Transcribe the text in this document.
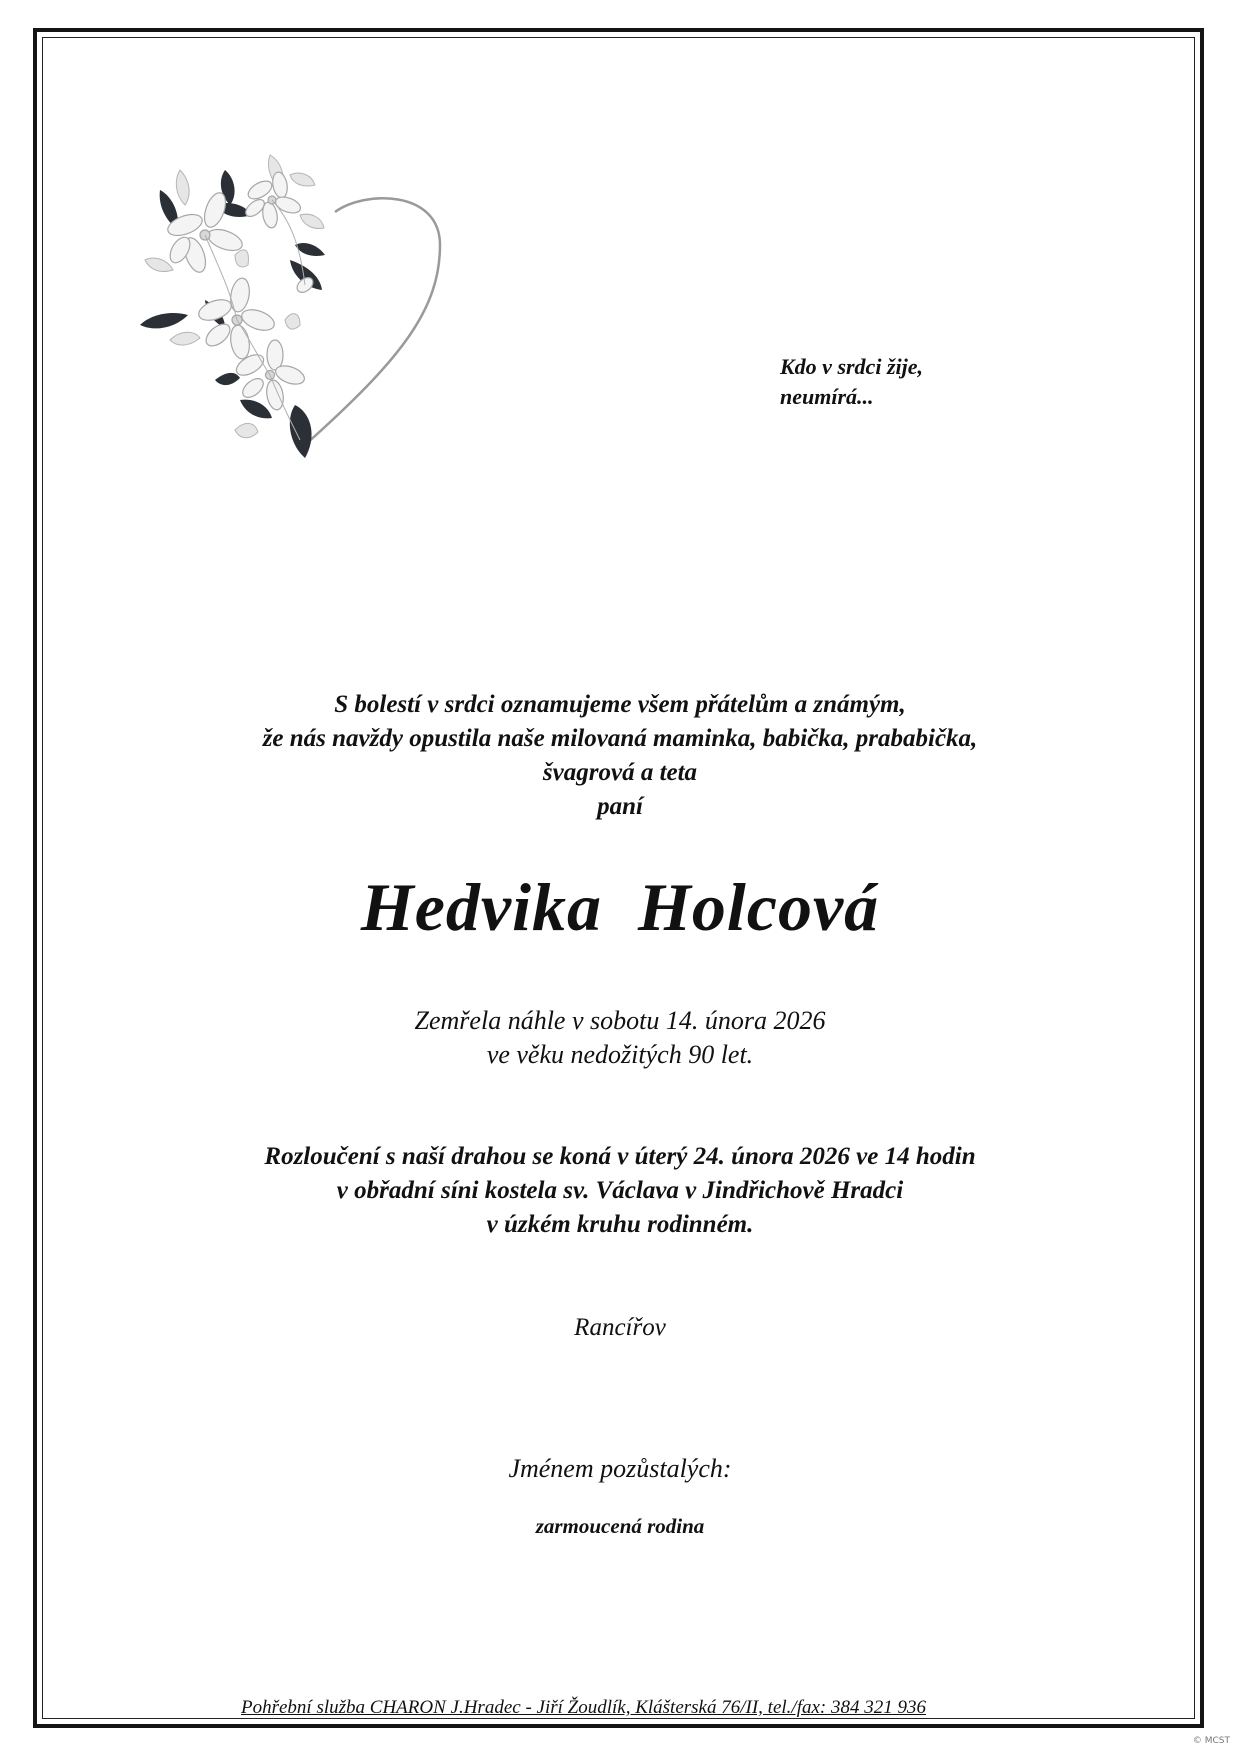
Kdo v srdci žije,
neumírá...
S bolestí v srdci oznamujeme všem přátelům a známým,
že nás navždy opustila naše milovaná maminka, babička, prababička,
švagrová a teta
paní
Hedvika Holcová
Zemřela náhle v sobotu 14. února 2026
ve věku nedožitých 90 let.
Rozloučení s naší drahou se koná v úterý 24. února 2026 ve 14 hodin
v obřadní síni kostela sv. Václava v Jindřichově Hradci
v úzkém kruhu rodinném.
Rancířov
Jménem pozůstalých:
zarmoucená rodina
Pohřební služba CHARON J.Hradec - Jiří Žoudlík, Klášterská 76/II, tel./fax: 384 321 936
© MCST
